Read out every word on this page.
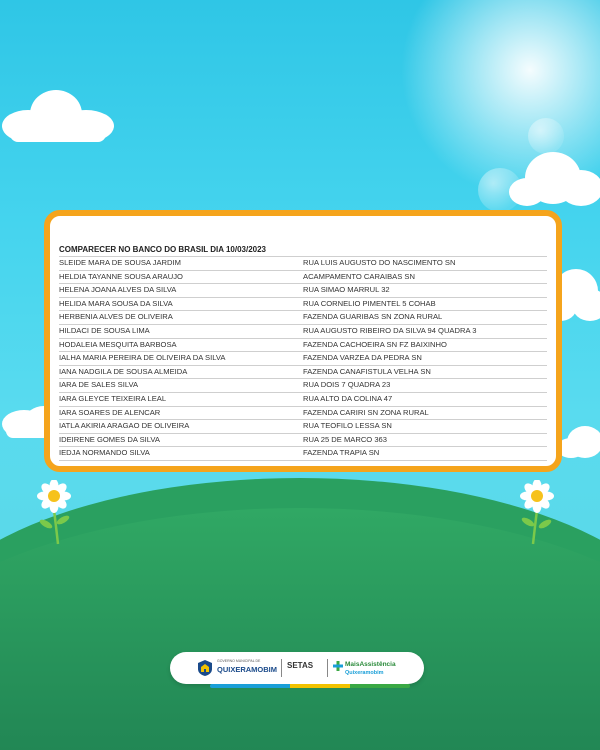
COMPARECER NO BANCO DO BRASIL DIA 10/03/2023
SLEIDE MARA DE SOUSA JARDIM	RUA LUIS AUGUSTO DO NASCIMENTO SN
HELDIA TAYANNE SOUSA ARAUJO	ACAMPAMENTO CARAIBAS SN
HELENA JOANA ALVES DA SILVA	RUA SIMAO MARRUL 32
HELIDA MARA SOUSA DA SILVA	RUA CORNELIO PIMENTEL 5 COHAB
HERBENIA ALVES DE OLIVEIRA	FAZENDA GUARIBAS SN ZONA RURAL
HILDACI DE SOUSA LIMA	RUA AUGUSTO RIBEIRO DA SILVA 94 QUADRA 3
HODALEIA MESQUITA BARBOSA	FAZENDA CACHOEIRA SN FZ BAIXINHO
IALHA MARIA PEREIRA DE OLIVEIRA DA SILVA	FAZENDA VARZEA DA PEDRA SN
IANA NADGILA DE SOUSA ALMEIDA	FAZENDA CANAFISTULA VELHA SN
IARA DE SALES SILVA	RUA DOIS 7 QUADRA 23
IARA GLEYCE TEIXEIRA LEAL	RUA ALTO DA COLINA 47
IARA SOARES DE ALENCAR	FAZENDA CARIRI SN ZONA RURAL
IATLA AKIRIA ARAGAO DE OLIVEIRA	RUA TEOFILO LESSA SN
IDEIRENE GOMES DA SILVA	RUA 25 DE MARCO 363
IEDJA NORMANDO SILVA	FAZENDA TRAPIA SN
GOVERNO MUNICIPAL DE
QUIXERAMOBIM SETAS	MaisAssistência
Quixeramobim
